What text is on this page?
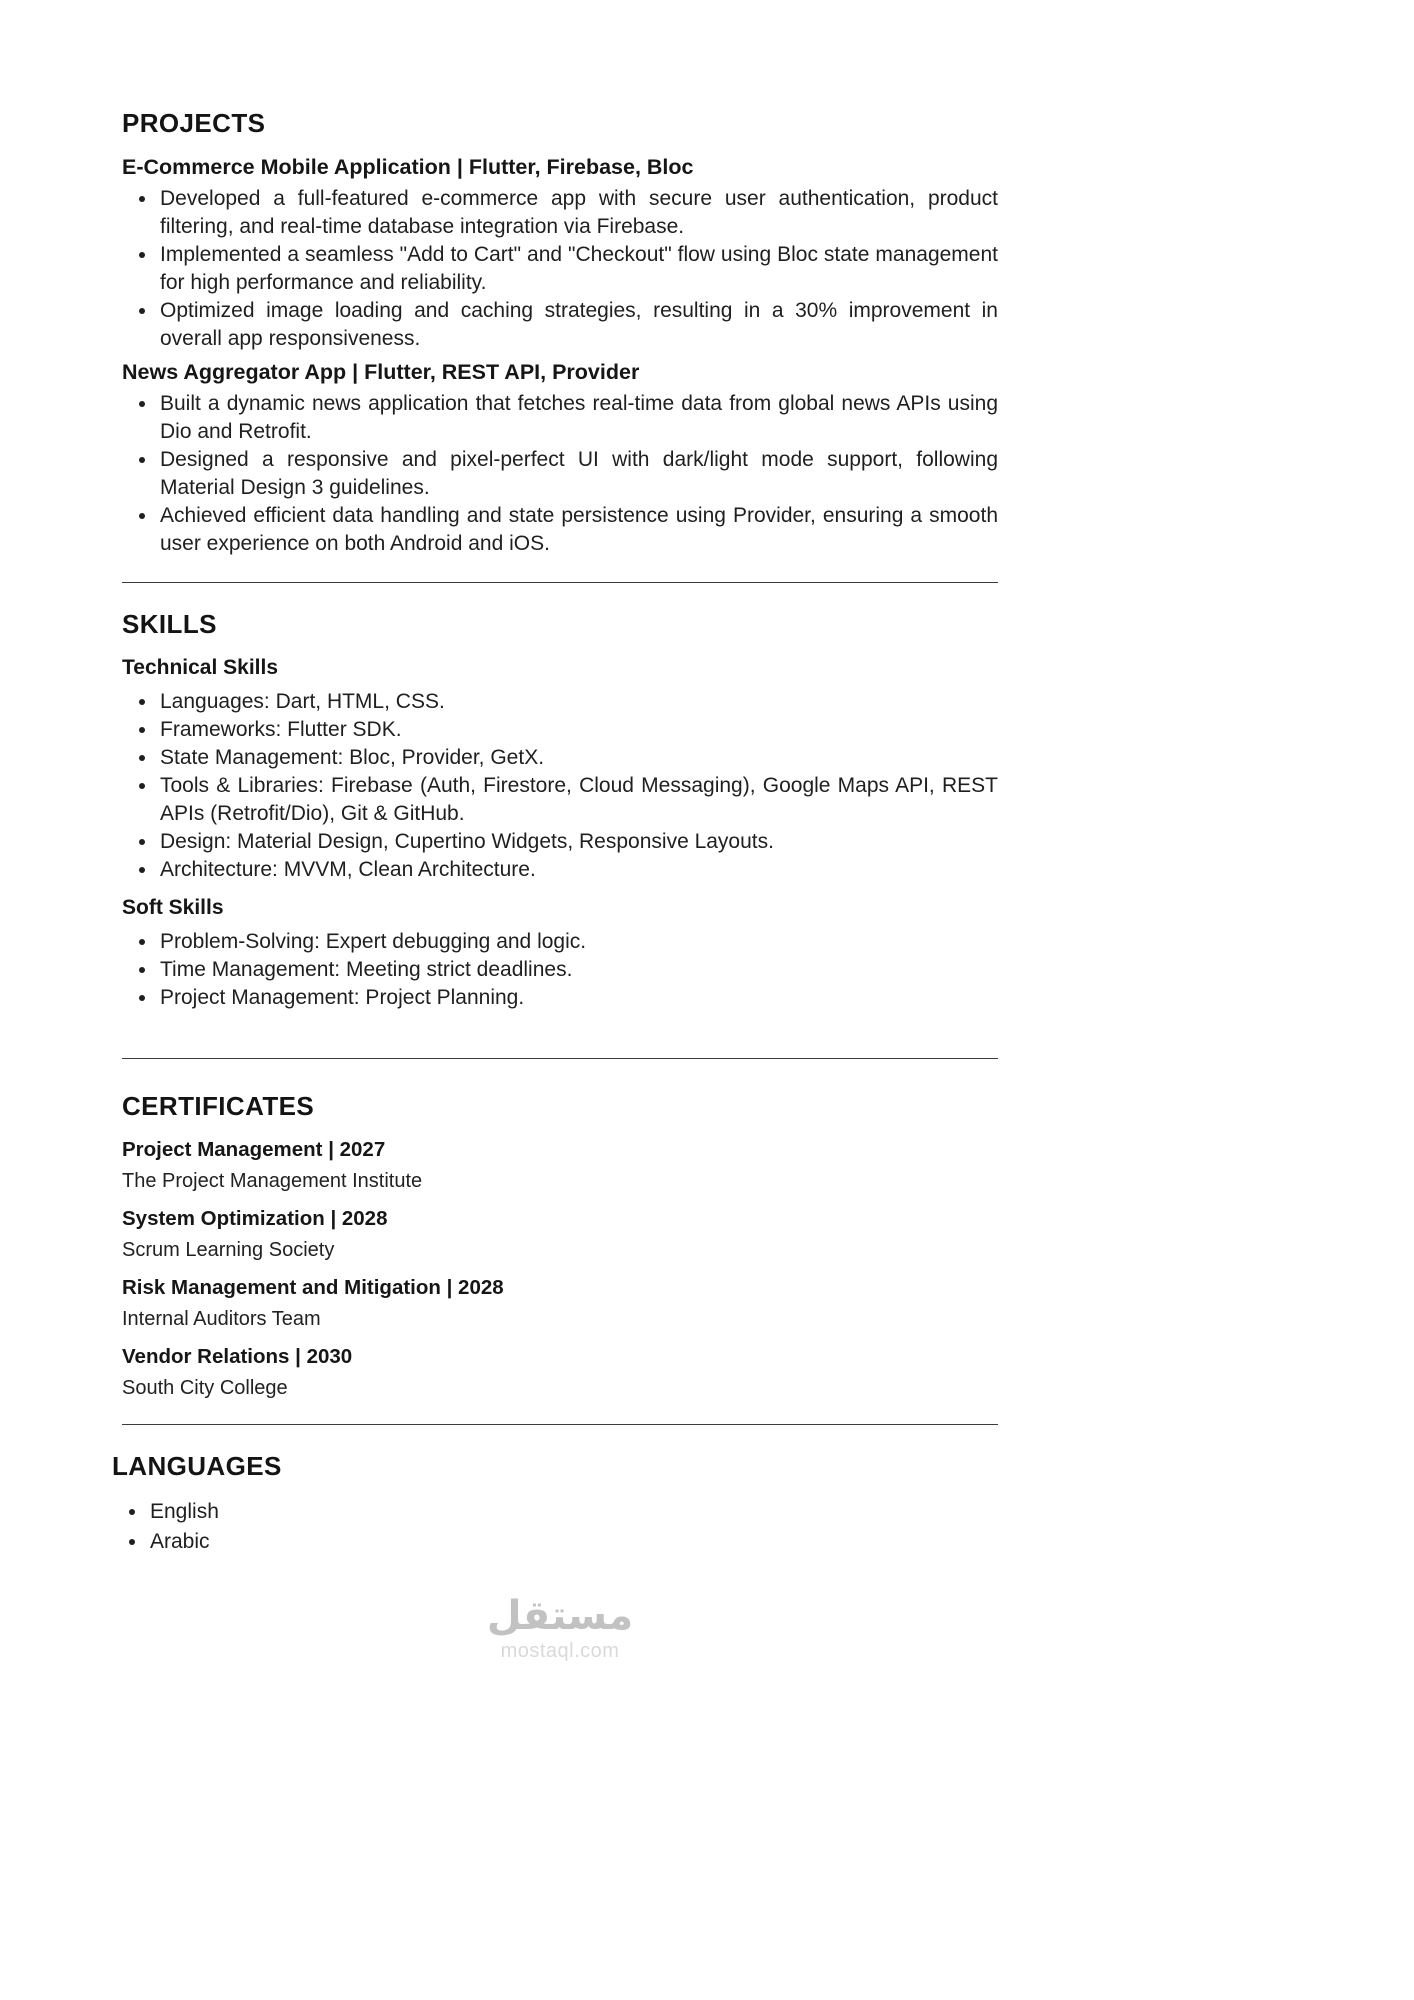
PROJECTS
E-Commerce Mobile Application | Flutter, Firebase, Bloc
• Developed a full-featured e-commerce app with secure user authentication, product filtering, and real-time database integration via Firebase.
• Implemented a seamless "Add to Cart" and "Checkout" flow using Bloc state management for high performance and reliability.
• Optimized image loading and caching strategies, resulting in a 30% improvement in overall app responsiveness.
News Aggregator App | Flutter, REST API, Provider
• Built a dynamic news application that fetches real-time data from global news APIs using Dio and Retrofit.
• Designed a responsive and pixel-perfect UI with dark/light mode support, following Material Design 3 guidelines.
• Achieved efficient data handling and state persistence using Provider, ensuring a smooth user experience on both Android and iOS.
SKILLS
Technical Skills
• Languages: Dart, HTML, CSS.
• Frameworks: Flutter SDK.
• State Management: Bloc, Provider, GetX.
• Tools & Libraries: Firebase (Auth, Firestore, Cloud Messaging), Google Maps API, REST APIs (Retrofit/Dio), Git & GitHub.
• Design: Material Design, Cupertino Widgets, Responsive Layouts.
• Architecture: MVVM, Clean Architecture.
Soft Skills
• Problem-Solving: Expert debugging and logic.
• Time Management: Meeting strict deadlines.
• Project Management: Project Planning.
CERTIFICATES
Project Management | 2027
The Project Management Institute
System Optimization | 2028
Scrum Learning Society
Risk Management and Mitigation | 2028
Internal Auditors Team
Vendor Relations | 2030
South City College
LANGUAGES
• English
• Arabic
مستقل
mostaql.com
